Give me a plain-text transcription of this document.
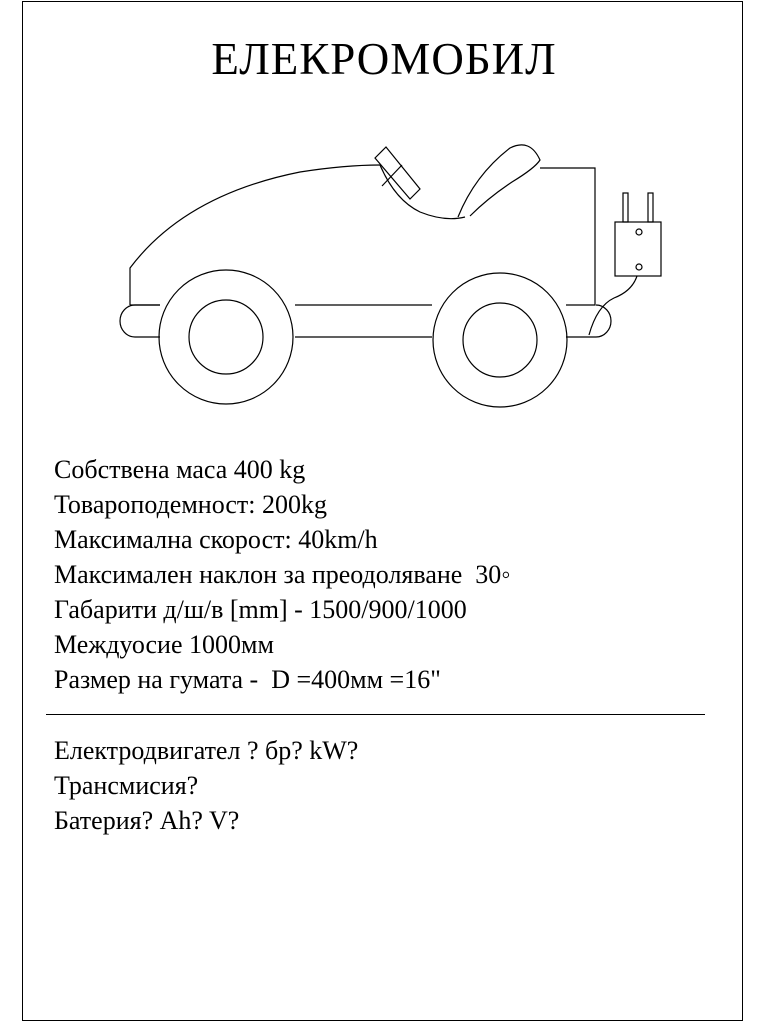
ЕЛЕКРОМОБИЛ
Собствена маса 400 kg
Товароподемност: 200kg
Максимална скорост: 40km/h
Максимален наклон за преодоляване  30◦
Габарити д/ш/в [mm] - 1500/900/1000
Междуосие 1000мм
Размер на гумата -  D =400мм =16"
Електродвигател ? бр? kW?
Трансмисия?
Батерия? Ah? V?
